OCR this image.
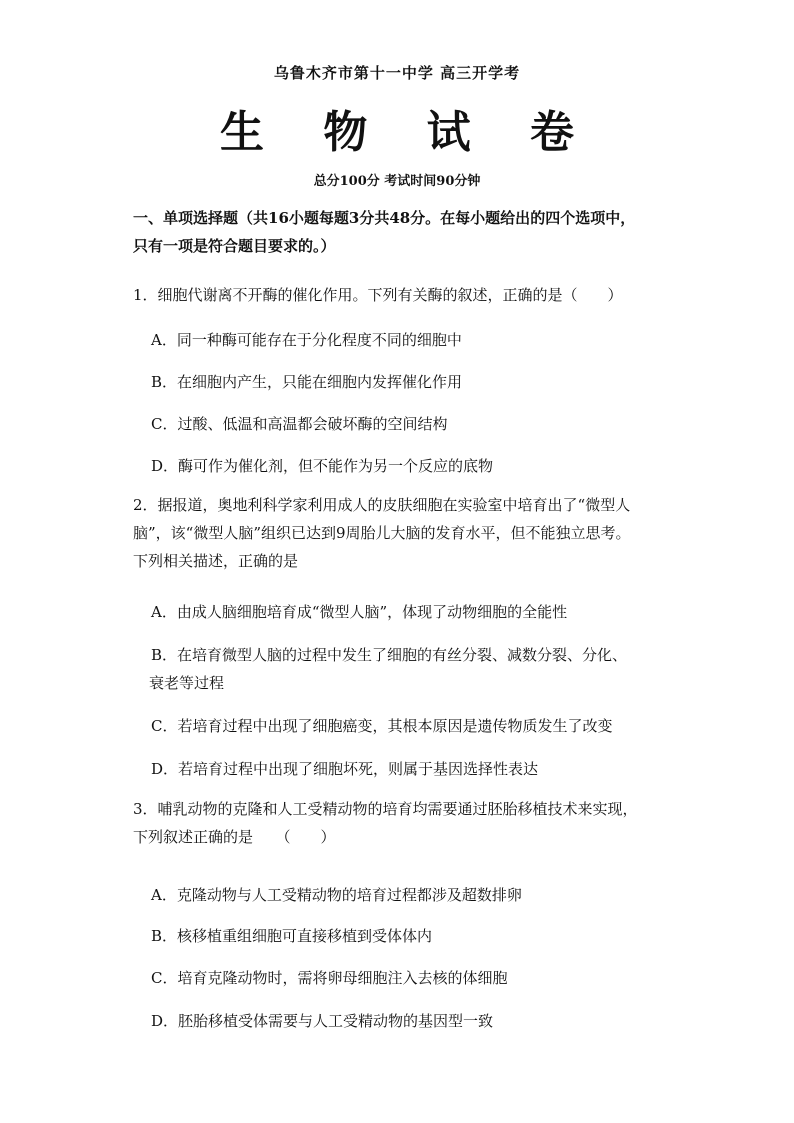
乌鲁木齐市第十一中学 高三开学考
生 物 试 卷
总分100分 考试时间90分钟
一、单项选择题（共16小题每题3分共48分。在每小题给出的四个选项中，
只有一项是符合题目要求的。）
1．细胞代谢离不开酶的催化作用。下列有关酶的叙述，正确的是（　　）
A．同一种酶可能存在于分化程度不同的细胞中
B．在细胞内产生，只能在细胞内发挥催化作用
C．过酸、低温和高温都会破坏酶的空间结构
D．酶可作为催化剂，但不能作为另一个反应的底物
2．据报道，奥地利科学家利用成人的皮肤细胞在实验室中培育出了“微型人
脑”，该“微型人脑”组织已达到9周胎儿大脑的发育水平，但不能独立思考。
下列相关描述，正确的是
A．由成人脑细胞培育成“微型人脑”，体现了动物细胞的全能性
B．在培育微型人脑的过程中发生了细胞的有丝分裂、减数分裂、分化、
衰老等过程
C．若培育过程中出现了细胞癌变，其根本原因是遗传物质发生了改变
D．若培育过程中出现了细胞坏死，则属于基因选择性表达
3．哺乳动物的克隆和人工受精动物的培育均需要通过胚胎移植技术来实现，
下列叙述正确的是　　（　　）
A．克隆动物与人工受精动物的培育过程都涉及超数排卵
B．核移植重组细胞可直接移植到受体体内
C．培育克隆动物时，需将卵母细胞注入去核的体细胞
D．胚胎移植受体需要与人工受精动物的基因型一致
